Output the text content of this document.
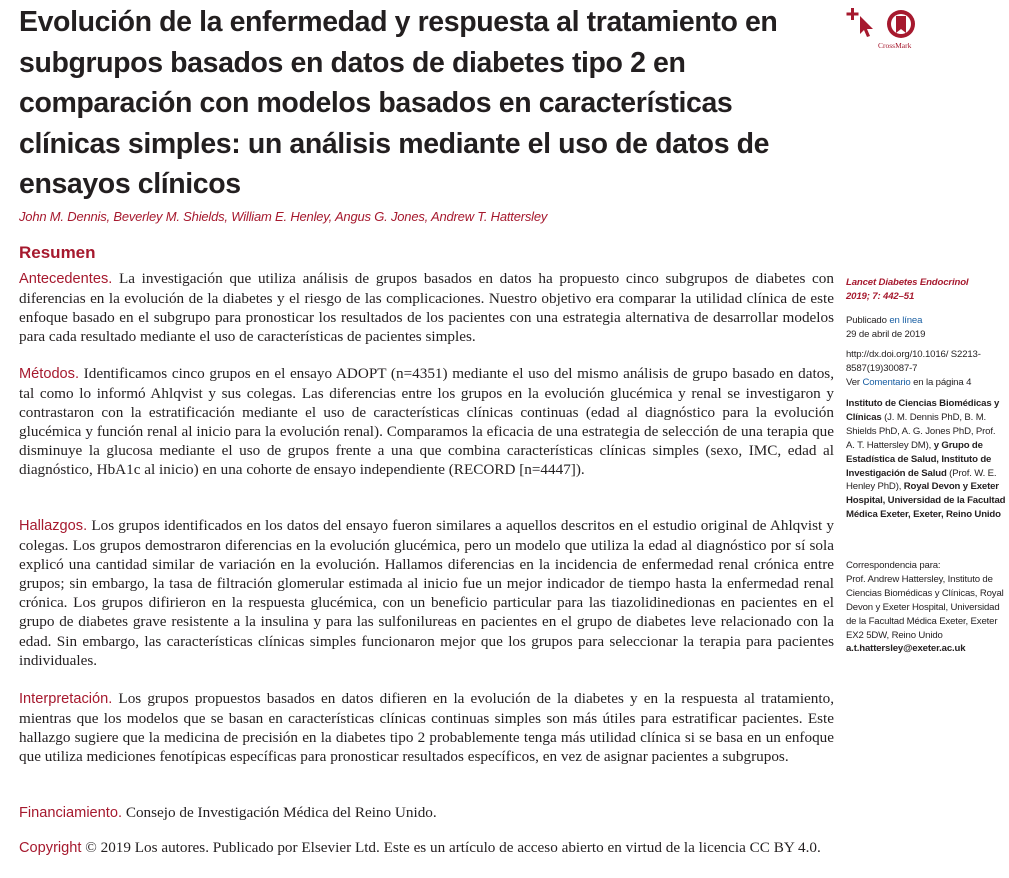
Evolución de la enfermedad y respuesta al tratamiento en subgrupos basados en datos de diabetes tipo 2 en comparación con modelos basados en características clínicas simples: un análisis mediante el uso de datos de ensayos clínicos
CrossMark

John M. Dennis, Beverley M. Shields, William E. Henley, Angus G. Jones, Andrew T. Hattersley

Resumen

Antecedentes. La investigación que utiliza análisis de grupos basados en datos ha propuesto cinco subgrupos de diabetes con diferencias en la evolución de la diabetes y el riesgo de las complicaciones. Nuestro objetivo era comparar la utilidad clínica de este enfoque basado en el subgrupo para pronosticar los resultados de los pacientes con una estrategia alternativa de desarrollar modelos para cada resultado mediante el uso de características de pacientes simples.

Métodos. Identificamos cinco grupos en el ensayo ADOPT (n=4351) mediante el uso del mismo análisis de grupo basado en datos, tal como lo informó Ahlqvist y sus colegas. Las diferencias entre los grupos en la evolución glucémica y renal se investigaron y contrastaron con la estratificación mediante el uso de características clínicas continuas (edad al diagnóstico para la evolución glucémica y función renal al inicio para la evolución renal). Comparamos la eficacia de una estrategia de selección de una terapia que disminuye la glucosa mediante el uso de grupos frente a una que combina características clínicas simples (sexo, IMC, edad al diagnóstico, HbA1c al inicio) en una cohorte de ensayo independiente (RECORD [n=4447]).

Hallazgos. Los grupos identificados en los datos del ensayo fueron similares a aquellos descritos en el estudio original de Ahlqvist y colegas. Los grupos demostraron diferencias en la evolución glucémica, pero un modelo que utiliza la edad al diagnóstico por sí sola explicó una cantidad similar de variación en la evolución. Hallamos diferencias en la incidencia de enfermedad renal crónica entre grupos; sin embargo, la tasa de filtración glomerular estimada al inicio fue un mejor indicador de tiempo hasta la enfermedad renal crónica. Los grupos difirieron en la respuesta glucémica, con un beneficio particular para las tiazolidinedionas en pacientes en el grupo de diabetes grave resistente a la insulina y para las sulfonilureas en pacientes en el grupo de diabetes leve relacionado con la edad. Sin embargo, las características clínicas simples funcionaron mejor que los grupos para seleccionar la terapia para pacientes individuales.

Interpretación. Los grupos propuestos basados en datos difieren en la evolución de la diabetes y en la respuesta al tratamiento, mientras que los modelos que se basan en características clínicas continuas simples son más útiles para estratificar pacientes. Este hallazgo sugiere que la medicina de precisión en la diabetes tipo 2 probablemente tenga más utilidad clínica si se basa en un enfoque que utiliza mediciones fenotípicas específicas para pronosticar resultados específicos, en vez de asignar pacientes a subgrupos.

Financiamiento. Consejo de Investigación Médica del Reino Unido.

Copyright © 2019 Los autores. Publicado por Elsevier Ltd. Este es un artículo de acceso abierto en virtud de la licencia CC BY 4.0.

Lancet Diabetes Endocrinol

2019; 7: 442–51

Publicado en línea

29 de abril de 2019

http://dx.doi.org/10.1016/ S2213-8587(19)30087-7

Ver Comentario en la página 4

Instituto de Ciencias Biomédicas y Clínicas (J. M. Dennis PhD, B. M. Shields PhD, A. G. Jones PhD, Prof. A. T. Hattersley DM), y Grupo de Estadística de Salud, Instituto de Investigación de Salud (Prof. W. E. Henley PhD), Royal Devon y Exeter Hospital, Universidad de la Facultad Médica Exeter, Exeter, Reino Unido

Correspondencia para:

Prof. Andrew Hattersley, Instituto de Ciencias Biomédicas y Clínicas, Royal Devon y Exeter Hospital, Universidad de la Facultad Médica Exeter, Exeter EX2 5DW, Reino Unido

a.t.hattersley@exeter.ac.uk
